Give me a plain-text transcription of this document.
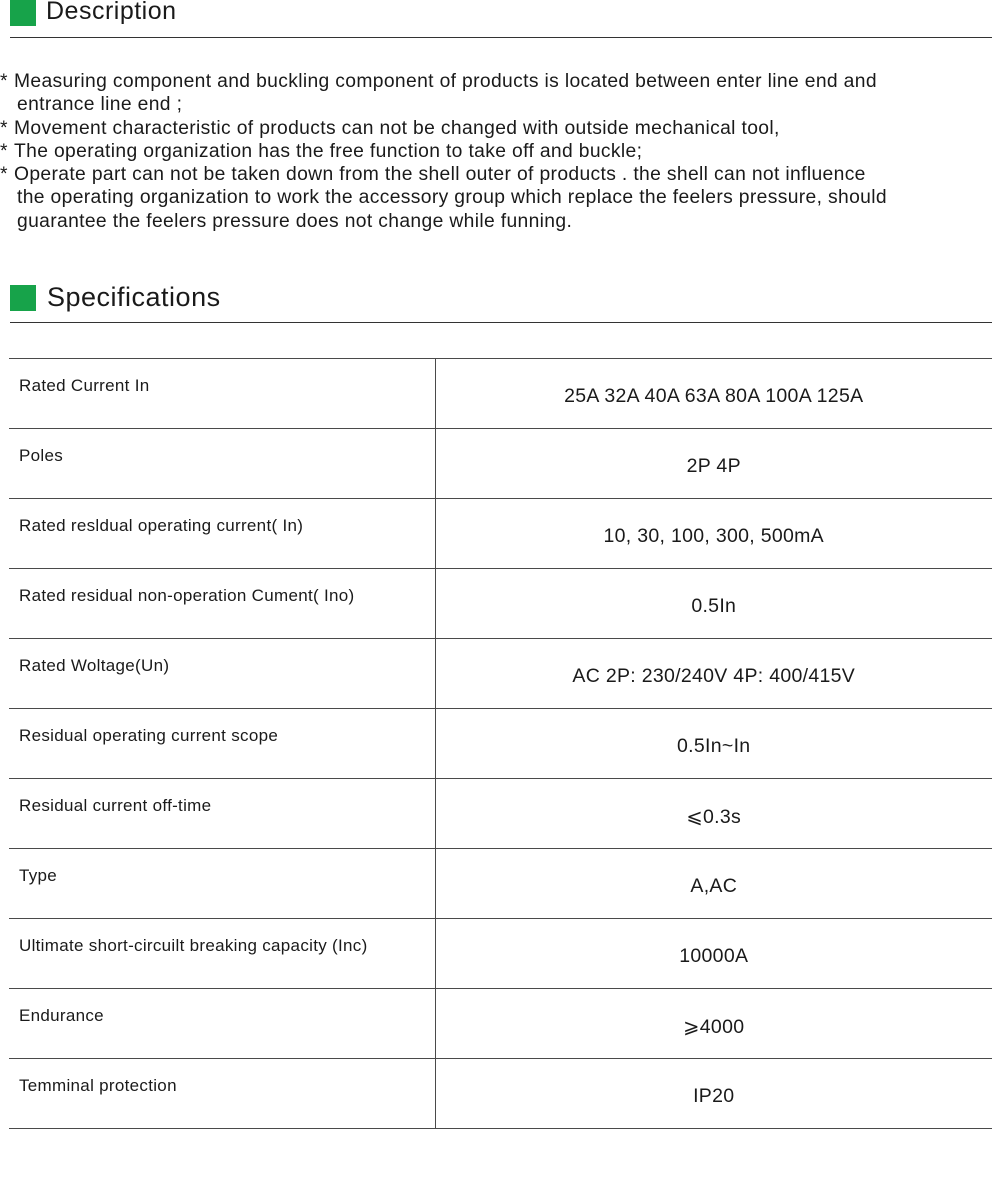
Description
* Measuring component and buckling component of products is located between enter line end and
entrance line end ;
* Movement characteristic of products can not be changed with outside mechanical tool,
* The operating organization has the free function to take off and buckle;
* Operate part can not be taken down from the shell outer of products . the shell can not influence
the operating organization to work the accessory group which replace the feelers pressure, should
guarantee the feelers pressure does not change while funning.
Specifications
Rated Current In	25A 32A 40A 63A 80A 100A 125A
Poles	2P 4P
Rated resldual operating current( In)	10, 30, 100, 300, 500mA
Rated residual non-operation Cument( Ino)	0.5In
Rated Woltage(Un)	AC 2P: 230/240V 4P: 400/415V
Residual operating current scope	0.5In~In
Residual current off-time	⩽0.3s
Type	A,AC
Ultimate short-circuilt breaking capacity (Inc)	10000A
Endurance	⩾4000
Temminal protection	IP20
